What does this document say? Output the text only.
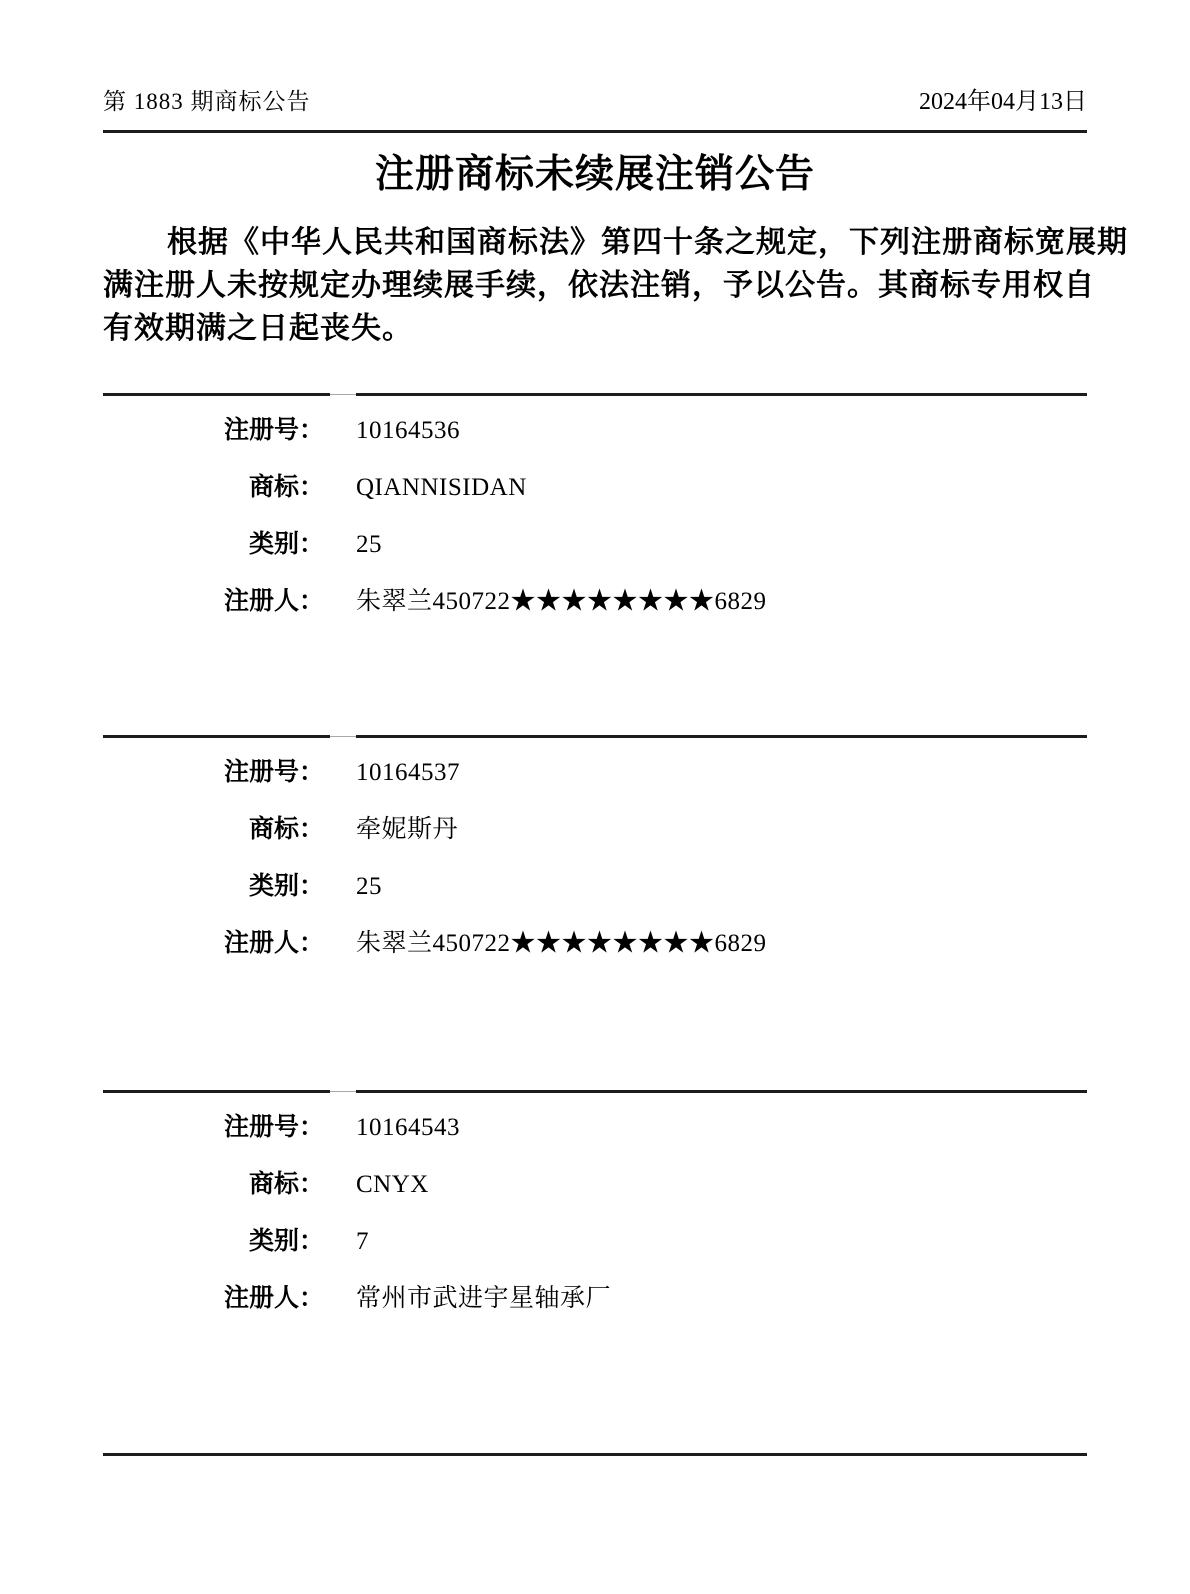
第 1883 期商标公告	2024年04月13日
注册商标未续展注销公告
根据《中华人民共和国商标法》第四十条之规定，下列注册商标宽展期
满注册人未按规定办理续展手续，依法注销，予以公告。其商标专用权自
有效期满之日起丧失。
注册号：	10164536
商标：	QIANNISIDAN
类别：	25
注册人：	朱翠兰450722★★★★★★★★6829
注册号：	10164537
商标：	牵妮斯丹
类别：	25
注册人：	朱翠兰450722★★★★★★★★6829
注册号：	10164543
商标：	CNYX
类别：	7
注册人：	常州市武进宇星轴承厂
